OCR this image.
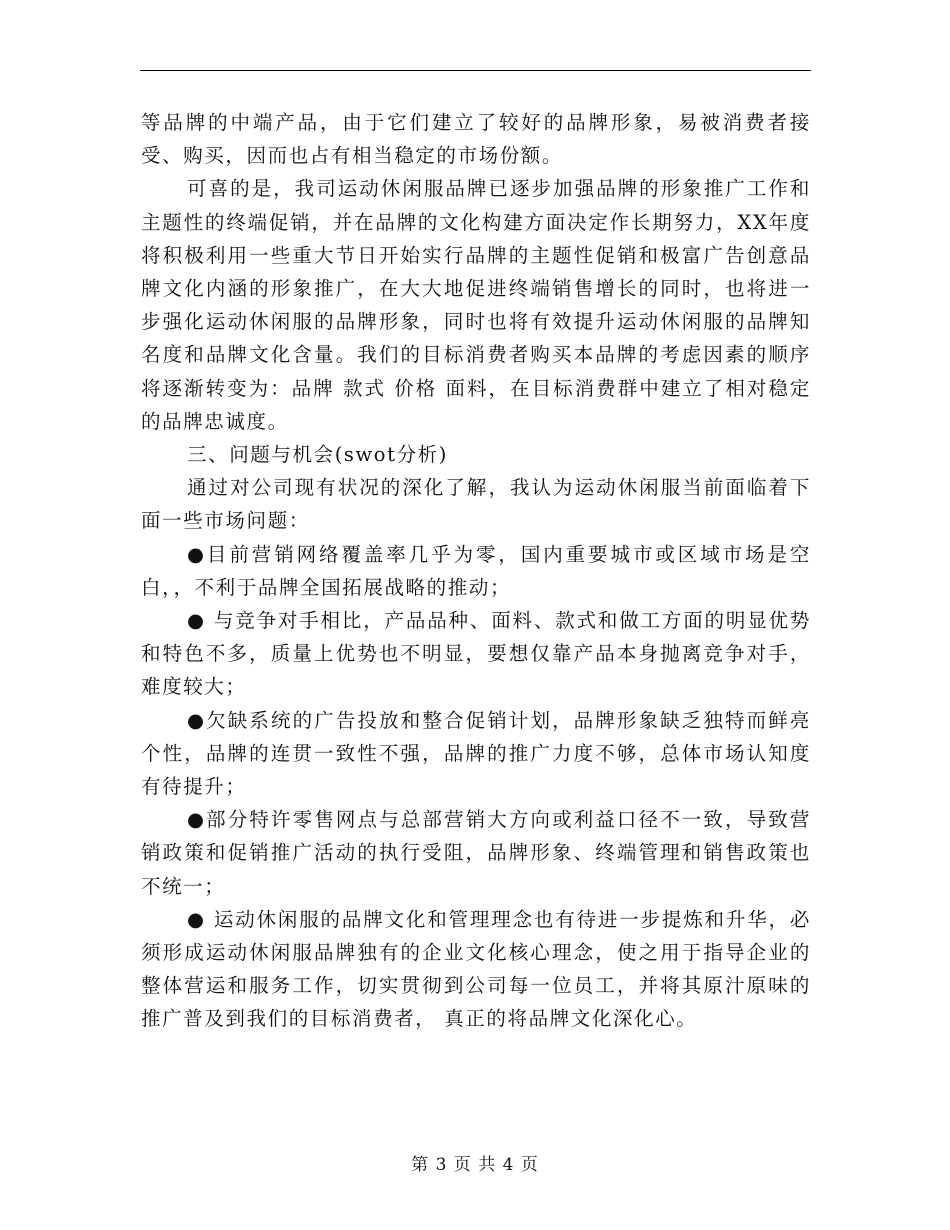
等品牌的中端产品，由于它们建立了较好的品牌形象，易被消费者接受、购买，因而也占有相当稳定的市场份额。

可喜的是，我司运动休闲服品牌已逐步加强品牌的形象推广工作和主题性的终端促销，并在品牌的文化构建方面决定作长期努力，XX年度将积极利用一些重大节日开始实行品牌的主题性促销和极富广告创意品牌文化内涵的形象推广，在大大地促进终端销售增长的同时，也将进一步强化运动休闲服的品牌形象，同时也将有效提升运动休闲服的品牌知名度和品牌文化含量。我们的目标消费者购买本品牌的考虑因素的顺序将逐渐转变为：品牌 款式 价格 面料，在目标消费群中建立了相对稳定的品牌忠诚度。

三、问题与机会(swot分析)

通过对公司现有状况的深化了解，我认为运动休闲服当前面临着下面一些市场问题：

●目前营销网络覆盖率几乎为零，国内重要城市或区域市场是空白，，不利于品牌全国拓展战略的推动；

● 与竞争对手相比，产品品种、面料、款式和做工方面的明显优势和特色不多，质量上优势也不明显，要想仅靠产品本身抛离竞争对手，难度较大；

●欠缺系统的广告投放和整合促销计划，品牌形象缺乏独特而鲜亮个性，品牌的连贯一致性不强，品牌的推广力度不够，总体市场认知度有待提升；

●部分特许零售网点与总部营销大方向或利益口径不一致，导致营销政策和促销推广活动的执行受阻，品牌形象、终端管理和销售政策也不统一；

● 运动休闲服的品牌文化和管理理念也有待进一步提炼和升华，必须形成运动休闲服品牌独有的企业文化核心理念，使之用于指导企业的整体营运和服务工作，切实贯彻到公司每一位员工，并将其原汁原味的推广普及到我们的目标消费者， 真正的将品牌文化深化心。

第 3 页 共 4 页
